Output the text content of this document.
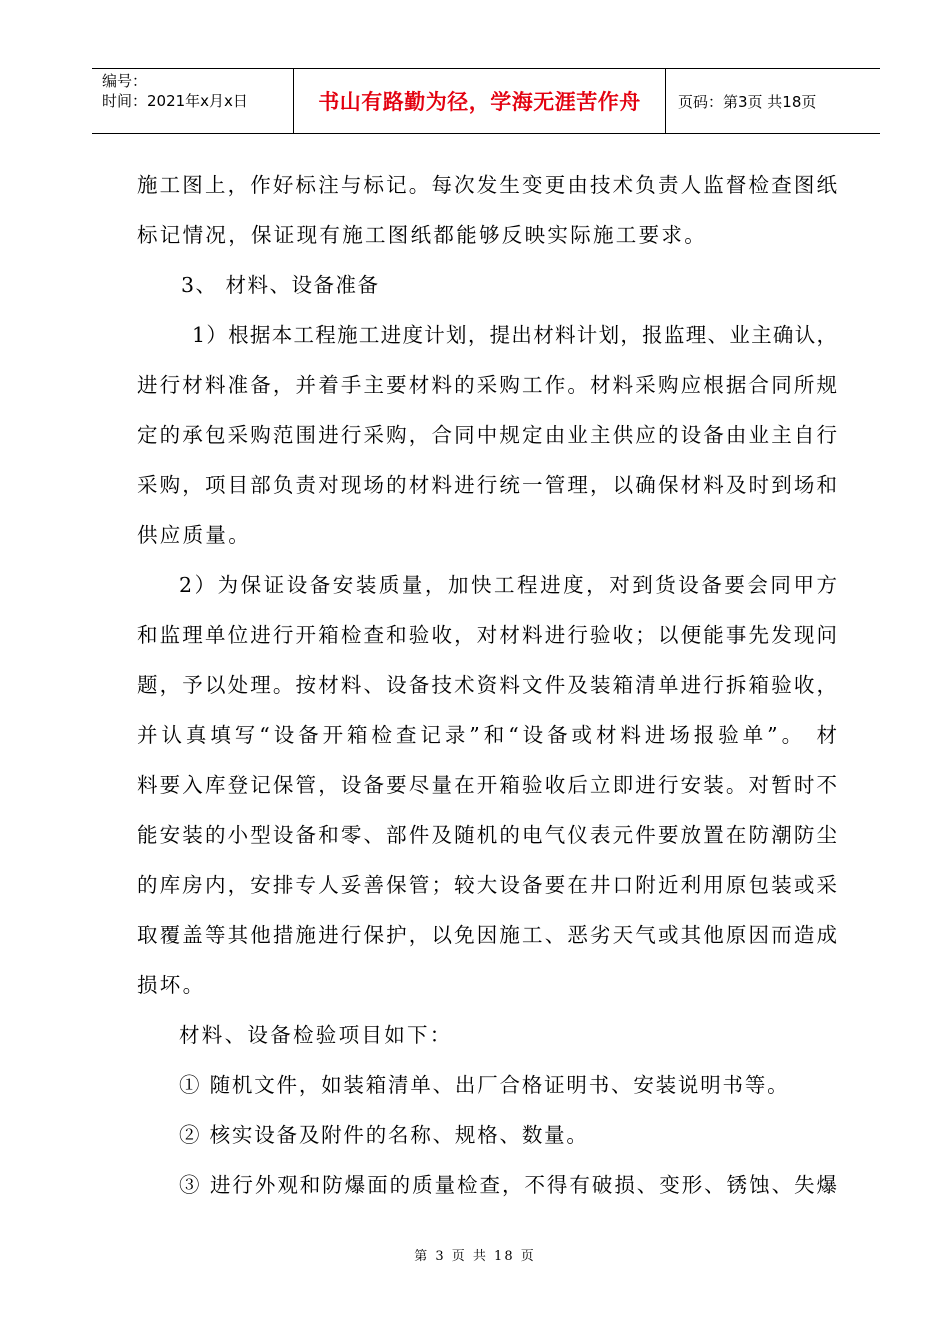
编号：
时间：2021年x月x日	书山有路勤为径，学海无涯苦作舟	页码：第3页 共18页
施工图上，作好标注与标记。每次发生变更由技术负责人监督检查图纸
标记情况，保证现有施工图纸都能够反映实际施工要求。
3、 材料、设备准备
1）根据本工程施工进度计划，提出材料计划，报监理、业主确认，
进行材料准备，并着手主要材料的采购工作。材料采购应根据合同所规
定的承包采购范围进行采购，合同中规定由业主供应的设备由业主自行
采购，项目部负责对现场的材料进行统一管理，以确保材料及时到场和
供应质量。
2）为保证设备安装质量，加快工程进度，对到货设备要会同甲方
和监理单位进行开箱检查和验收，对材料进行验收；以便能事先发现问
题，予以处理。按材料、设备技术资料文件及装箱清单进行拆箱验收，
并认真填写“设备开箱检查记录”和“设备或材料进场报验单”。 材
料要入库登记保管，设备要尽量在开箱验收后立即进行安装。对暂时不
能安装的小型设备和零、部件及随机的电气仪表元件要放置在防潮防尘
的库房内，安排专人妥善保管；较大设备要在井口附近利用原包装或采
取覆盖等其他措施进行保护，以免因施工、恶劣天气或其他原因而造成
损坏。
材料、设备检验项目如下：
① 随机文件，如装箱清单、出厂合格证明书、安装说明书等。
② 核实设备及附件的名称、规格、数量。
③ 进行外观和防爆面的质量检查，不得有破损、变形、锈蚀、失爆
第 3 页 共 18 页
